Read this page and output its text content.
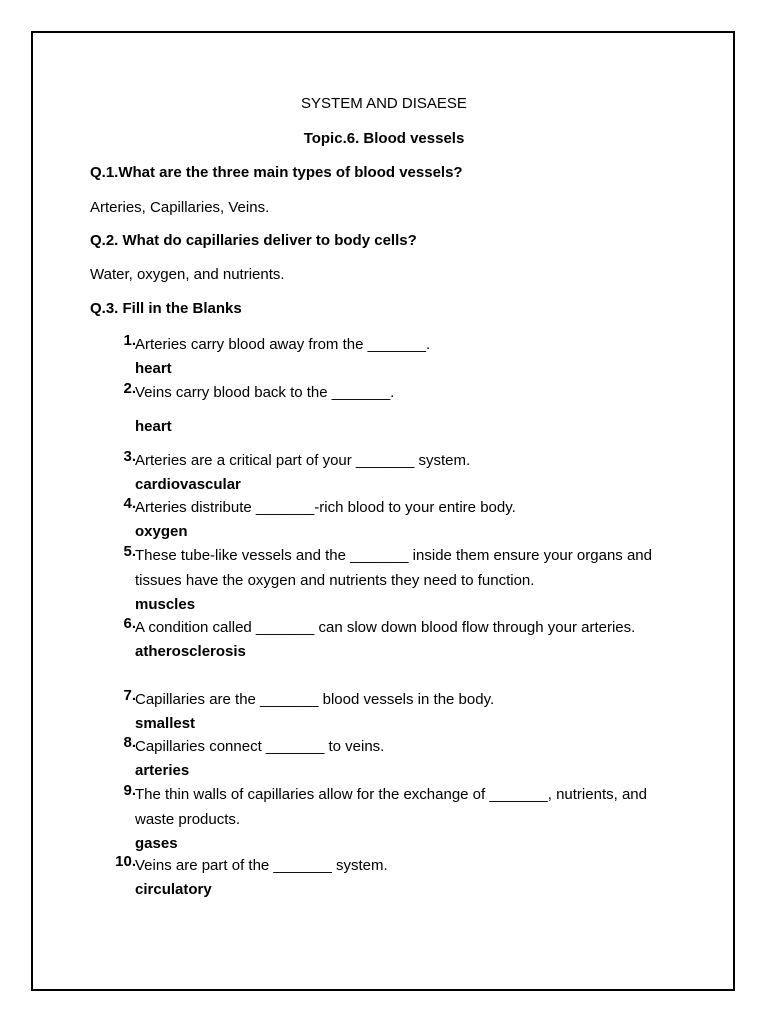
SYSTEM AND DISAESE
Topic.6. Blood vessels
Q.1.What are the three main types of blood vessels?
Arteries, Capillaries, Veins.
Q.2. What do capillaries deliver to body cells?
Water, oxygen, and nutrients.
Q.3. Fill in the Blanks
1. Arteries carry blood away from the _______.
heart
2. Veins carry blood back to the _______.
heart
3. Arteries are a critical part of your _______ system.
cardiovascular
4. Arteries distribute _______-rich blood to your entire body.
oxygen
5. These tube-like vessels and the _______ inside them ensure your organs and tissues have the oxygen and nutrients they need to function.
muscles
6. A condition called _______ can slow down blood flow through your arteries.
atherosclerosis
7. Capillaries are the _______ blood vessels in the body.
smallest
8. Capillaries connect _______ to veins.
arteries
9. The thin walls of capillaries allow for the exchange of _______, nutrients, and waste products.
gases
10. Veins are part of the _______ system.
circulatory
